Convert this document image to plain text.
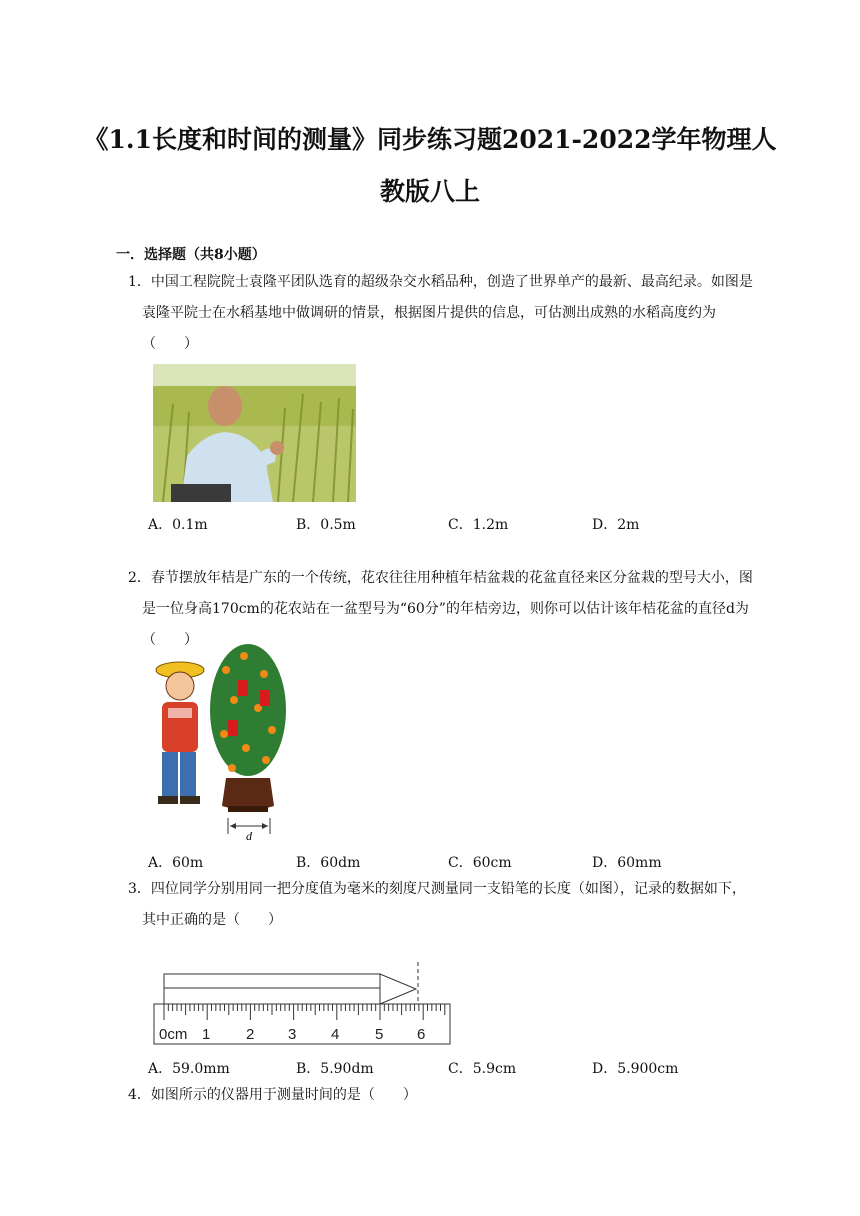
《1.1长度和时间的测量》同步练习题2021-2022学年物理人
教版八上
一．选择题（共8小题）
1．中国工程院院士袁隆平团队选育的超级杂交水稻品种，创造了世界单产的最新、最高纪录。如图是袁隆平院士在水稻基地中做调研的情景，根据图片提供的信息，可估测出成熟的水稻高度约为（　　）
A．0.1m	B．0.5m	C．1.2m	D．2m
2．春节摆放年桔是广东的一个传统，花农往往用种植年桔盆栽的花盆直径来区分盆栽的型号大小，图是一位身高170cm的花农站在一盆型号为“60分”的年桔旁边，则你可以估计该年桔花盆的直径d为（　　）
d
A．60m	B．60dm	C．60cm	D．60mm
3．四位同学分别用同一把分度值为毫米的刻度尺测量同一支铅笔的长度（如图），记录的数据如下，其中正确的是（　　）
0cm 1 2 3 4 5 6
A．59.0mm	B．5.90dm	C．5.9cm	D．5.900cm
4．如图所示的仪器用于测量时间的是（　　）
